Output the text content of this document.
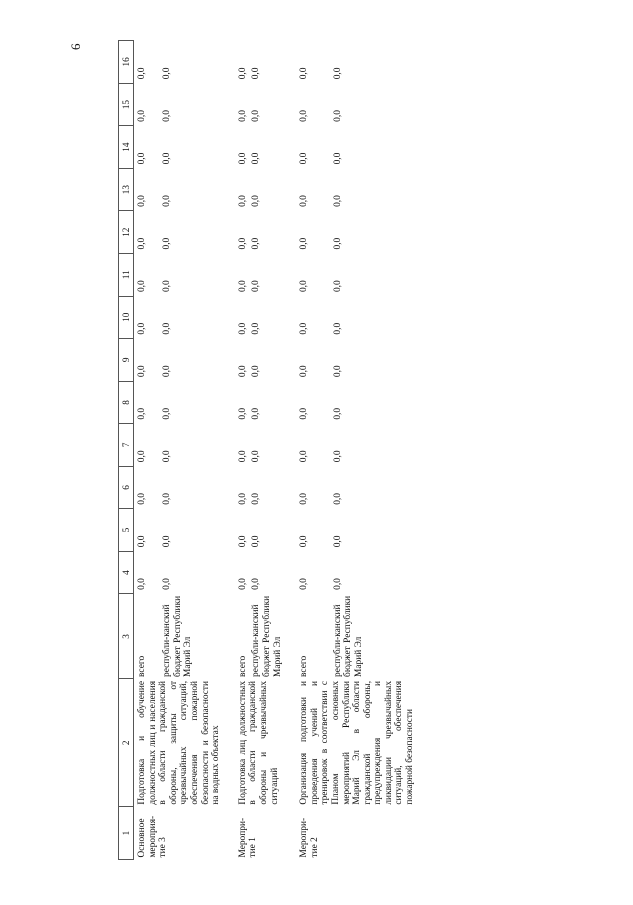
6
1	2	3	4	5	6	7	8	9	10	11	12	13	14	15	16
Основное мероприя-тие 3	Подготовка и обучение должностных лиц и населения в области гражданской обороны, защиты от чрезвычайных ситуаций, обеспечения пожарной безопасности и безопасности на водных объектах	всего	0,0	0,0	0,0	0,0	0,0	0,0	0,0	0,0	0,0	0,0	0,0	0,0	0,0
		республи-канский бюджет Республики Марий Эл	0,0	0,0	0,0	0,0	0,0	0,0	0,0	0,0	0,0	0,0	0,0	0,0	0,0

Меропри-тие 1	Подготовка лиц должностных в области гражданской обороны и чрезвычайных ситуаций	всего	0,0	0,0	0,0	0,0	0,0	0,0	0,0	0,0	0,0	0,0	0,0	0,0	0,0
		республи-канский бюджет Республики Марий Эл	0,0	0,0	0,0	0,0	0,0	0,0	0,0	0,0	0,0	0,0	0,0	0,0	0,0

Меропри-тие 2	Организация подготовки и проведения учений и тренировок в соответствии с Планом основных мероприятий Республики Марий Эл в области гражданской обороны, предупреждения и ликвидации чрезвычайных ситуаций, обеспечения пожарной безопасности	всего	0,0	0,0	0,0	0,0	0,0	0,0	0,0	0,0	0,0	0,0	0,0	0,0	0,0
		республи-канский бюджет Республики Марий Эл	0,0	0,0	0,0	0,0	0,0	0,0	0,0	0,0	0,0	0,0	0,0	0,0	0,0
